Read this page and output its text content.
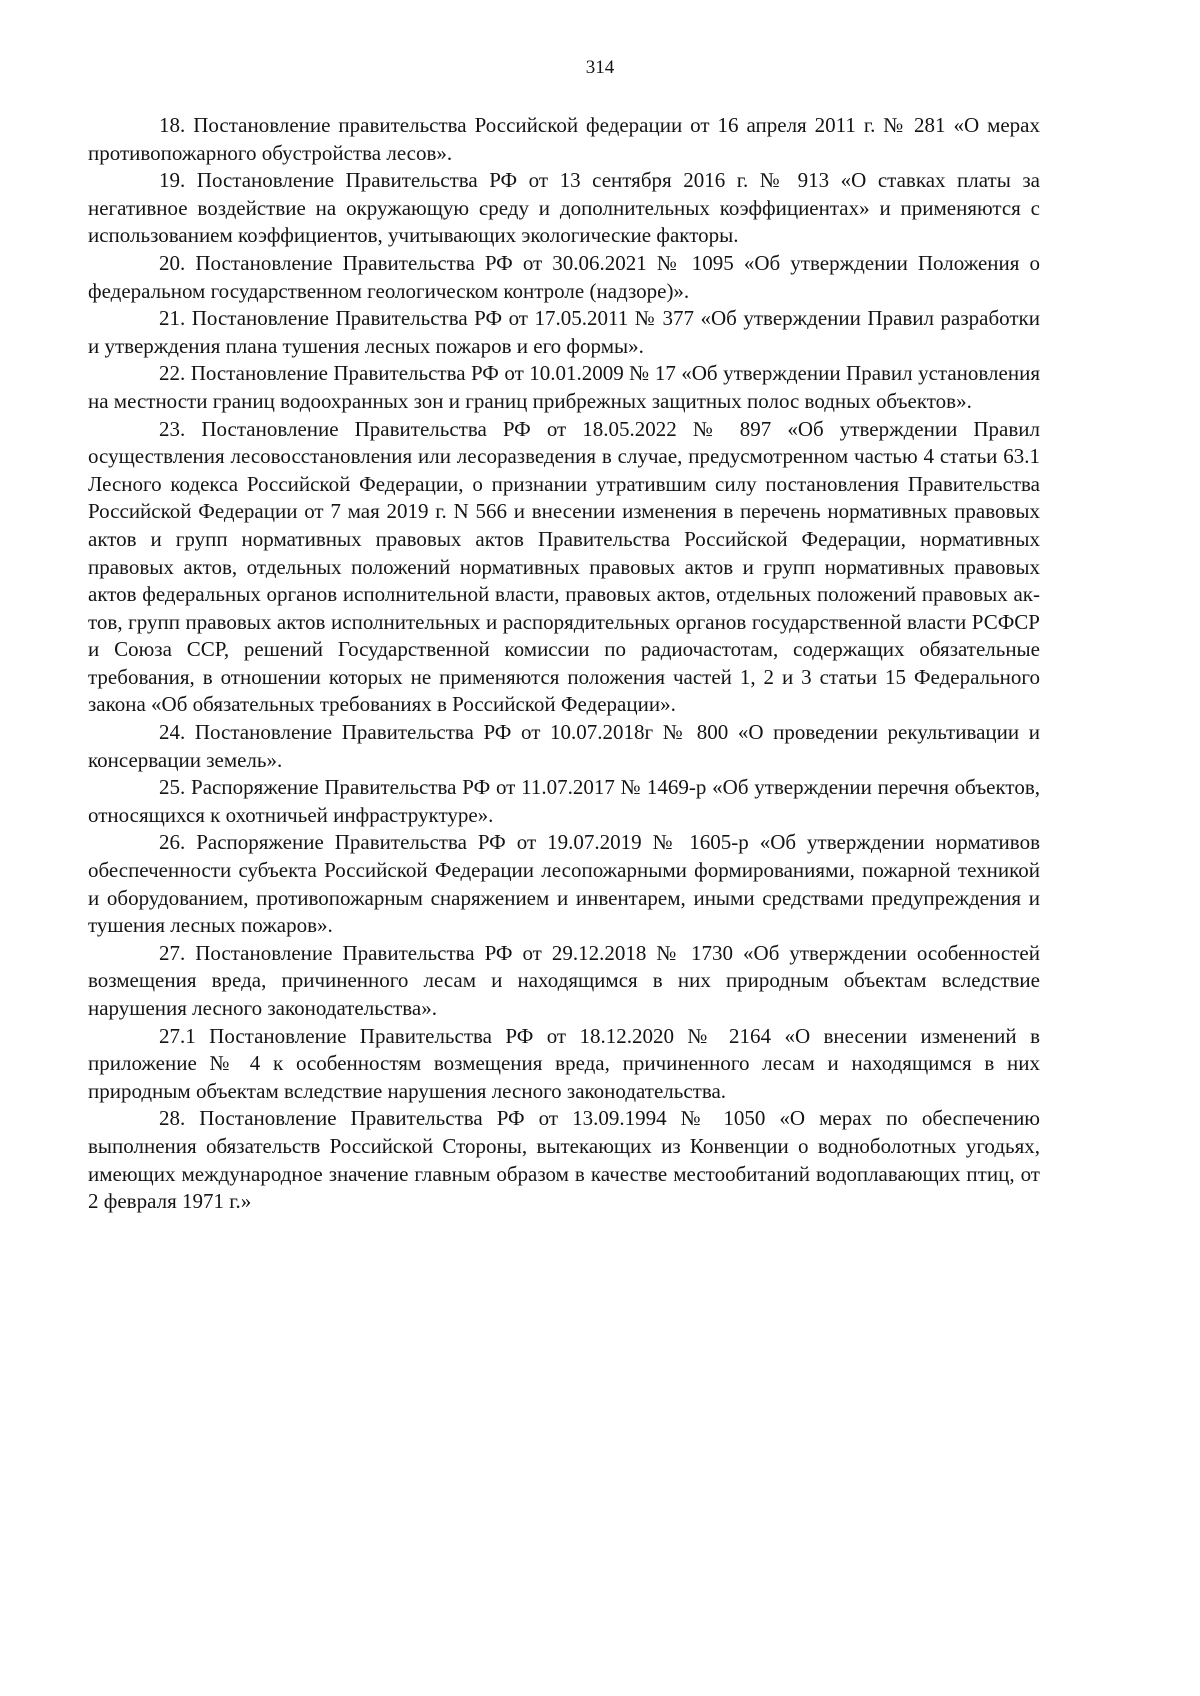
314

18. Постановление правительства Российской федерации от 16 апреля 2011 г. № 281 «О мерах противопожарного обустройства лесов».

19. Постановление Правительства РФ от 13 сентября 2016 г. № 913 «О ставках платы за негативное воздействие на окружающую среду и дополнительных коэффициентах» и применяются с использованием коэффициентов, учитывающих экологические факторы.

20. Постановление Правительства РФ от 30.06.2021 № 1095 «Об утверждении Положения о федеральном государственном геологическом контроле (надзоре)».

21. Постановление Правительства РФ от 17.05.2011 № 377 «Об утверждении Правил разработки и утверждения плана тушения лесных пожаров и его формы».

22. Постановление Правительства РФ от 10.01.2009 № 17 «Об утверждении Правил установления на местности границ водоохранных зон и границ прибрежных защитных полос водных объектов».

23. Постановление Правительства РФ от 18.05.2022 № 897 «Об утверждении Правил осуществления лесовосстановления или лесоразведения в случае, предусмотренном частью 4 статьи 63.1 Лесного кодекса Российской Федерации, о признании утратившим силу постановления Правительства Российской Федерации от 7 мая 2019 г. N 566 и внесении изменения в перечень нормативных правовых актов и групп нормативных правовых актов Правительства Российской Федерации, нормативных правовых актов, отдельных положений нормативных правовых актов и групп нормативных правовых актов федеральных органов исполнительной власти, правовых актов, отдельных положений правовых актов, групп правовых актов исполнительных и распорядительных органов государственной власти РСФСР и Союза ССР, решений Государственной комиссии по радиочастотам, содержащих обязательные требования, в отношении которых не применяются положения частей 1, 2 и 3 статьи 15 Федерального закона «Об обязательных требованиях в Российской Федерации».

24. Постановление Правительства РФ от 10.07.2018г № 800 «О проведении рекультивации и консервации земель».

25. Распоряжение Правительства РФ от 11.07.2017 № 1469-р «Об утверждении перечня объектов, относящихся к охотничьей инфраструктуре».

26. Распоряжение Правительства РФ от 19.07.2019 № 1605-р «Об утверждении нормативов обеспеченности субъекта Российской Федерации лесопожарными формированиями, пожарной техникой и оборудованием, противопожарным снаряжением и инвентарем, иными средствами предупреждения и тушения лесных пожаров».

27. Постановление Правительства РФ от 29.12.2018 № 1730 «Об утверждении особенностей возмещения вреда, причиненного лесам и находящимся в них природным объектам вследствие нарушения лесного законодательства».

27.1 Постановление Правительства РФ от 18.12.2020 № 2164 «О внесении изменений в приложение № 4 к особенностям возмещения вреда, причиненного лесам и находящимся в них природным объектам вследствие нарушения лесного законодательства.

28. Постановление Правительства РФ от 13.09.1994 № 1050 «О мерах по обеспечению выполнения обязательств Российской Стороны, вытекающих из Конвенции о водноболотных угодьях, имеющих международное значение главным образом в качестве местообитаний водоплавающих птиц, от 2 февраля 1971 г.»
